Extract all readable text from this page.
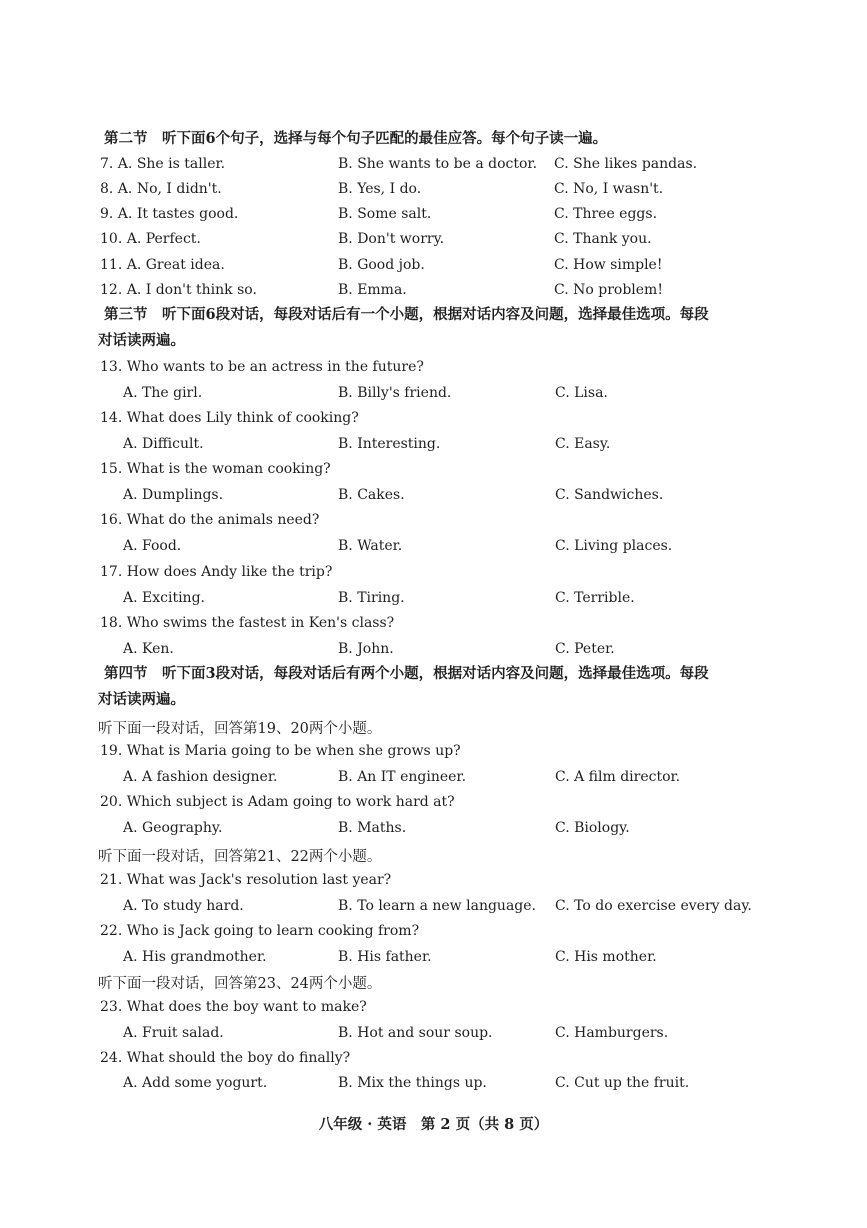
第二节　听下面6个句子，选择与每个句子匹配的最佳应答。每个句子读一遍。
7. A. She is taller.	B. She wants to be a doctor. C. She likes pandas.
8. A. No, I didn't.	B. Yes, I do.	C. No, I wasn't.
9. A. It tastes good.	B. Some salt.	C. Three eggs.
10. A. Perfect.	B. Don't worry.	C. Thank you.
11. A. Great idea.	B. Good job.	C. How simple!
12. A. I don't think so.	B. Emma.	C. No problem!
第三节　听下面6段对话，每段对话后有一个小题，根据对话内容及问题，选择最佳选项。每段
对话读两遍。
13. Who wants to be an actress in the future?
A. The girl.	B. Billy's friend.	C. Lisa.
14. What does Lily think of cooking?
A. Difficult.	B. Interesting.	C. Easy.
15. What is the woman cooking?
A. Dumplings.	B. Cakes.	C. Sandwiches.
16. What do the animals need?
A. Food.	B. Water.	C. Living places.
17. How does Andy like the trip?
A. Exciting.	B. Tiring.	C. Terrible.
18. Who swims the fastest in Ken's class?
A. Ken.	B. John.	C. Peter.
第四节　听下面3段对话，每段对话后有两个小题，根据对话内容及问题，选择最佳选项。每段
对话读两遍。
听下面一段对话，回答第19、20两个小题。
19. What is Maria going to be when she grows up?
A. A fashion designer.	B. An IT engineer.	C. A film director.
20. Which subject is Adam going to work hard at?
A. Geography.	B. Maths.	C. Biology.
听下面一段对话，回答第21、22两个小题。
21. What was Jack's resolution last year?
A. To study hard.	B. To learn a new language. C. To do exercise every day.
22. Who is Jack going to learn cooking from?
A. His grandmother.	B. His father.	C. His mother.
听下面一段对话，回答第23、24两个小题。
23. What does the boy want to make?
A. Fruit salad.	B. Hot and sour soup.	C. Hamburgers.
24. What should the boy do finally?
A. Add some yogurt.	B. Mix the things up.	C. Cut up the fruit.
八年级 · 英语　第 2 页（共 8 页）
